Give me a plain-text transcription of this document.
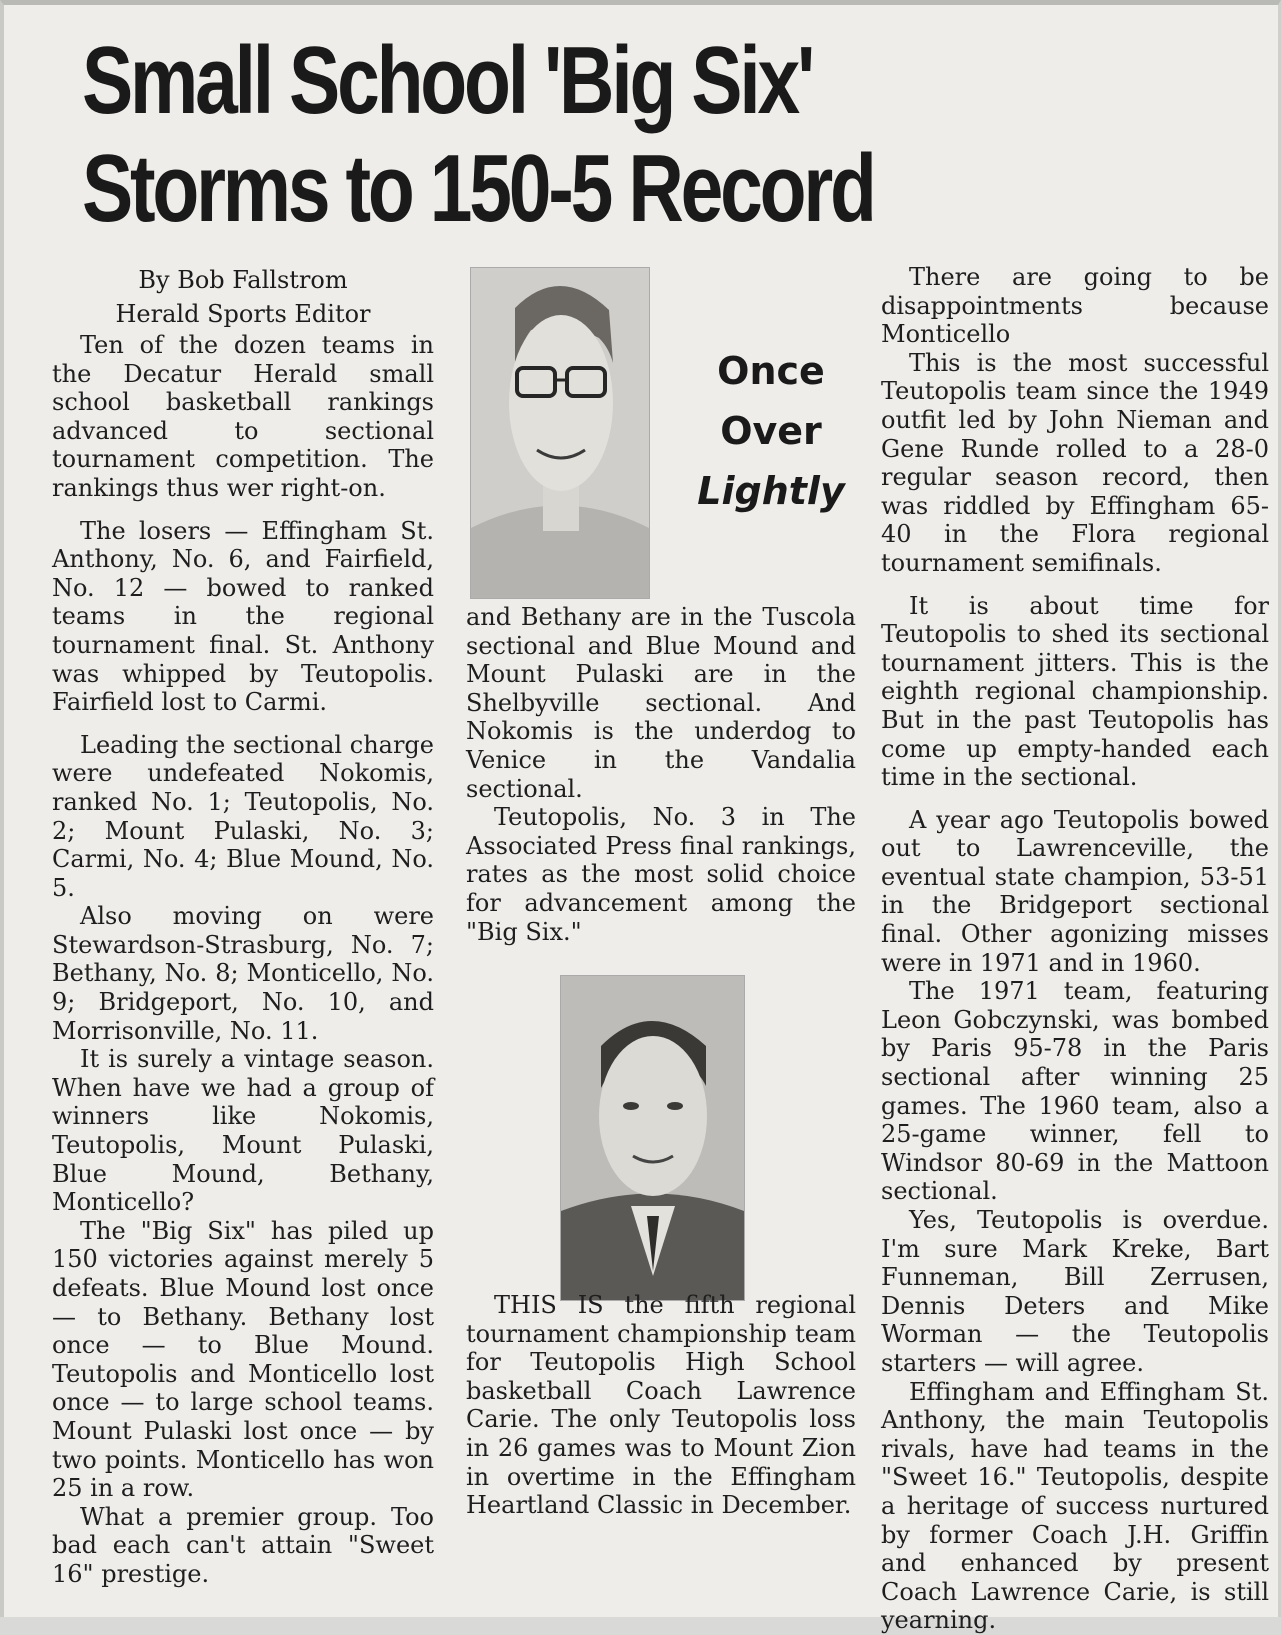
Small School 'Big Six'
Storms to 150-5 Record
By Bob Fallstrom
Herald Sports Editor

Ten of the dozen teams in the Decatur Herald small school basketball rankings advanced to sectional tournament competition. The rankings thus wer right-on.

The losers — Effingham St. Anthony, No. 6, and Fairfield, No. 12 — bowed to ranked teams in the regional tournament final. St. Anthony was whipped by Teutopolis. Fairfield lost to Carmi.

Leading the sectional charge were undefeated Nokomis, ranked No. 1; Teutopolis, No. 2; Mount Pulaski, No. 3; Carmi, No. 4; Blue Mound, No. 5.

Also moving on were Stewardson-Strasburg, No. 7; Bethany, No. 8; Monticello, No. 9; Bridgeport, No. 10, and Morrisonville, No. 11.

It is surely a vintage season. When have we had a group of winners like Nokomis, Teutopolis, Mount Pulaski, Blue Mound, Bethany, Monticello?

The "Big Six" has piled up 150 victories against merely 5 defeats. Blue Mound lost once — to Bethany. Bethany lost once — to Blue Mound. Teutopolis and Monticello lost once — to large school teams. Mount Pulaski lost once — by two points. Monticello has won 25 in a row.

What a premier group. Too bad each can't attain "Sweet 16" prestige.

Once
Over
Lightly

and Bethany are in the Tuscola sectional and Blue Mound and Mount Pulaski are in the Shelbyville sectional. And Nokomis is the underdog to Venice in the Vandalia sectional.

Teutopolis, No. 3 in The Associated Press final rankings, rates as the most solid choice for advancement among the "Big Six."

THIS IS the fifth regional tournament championship team for Teutopolis High School basketball Coach Lawrence Carie. The only Teutopolis loss in 26 games was to Mount Zion in overtime in the Effingham Heartland Classic in December.

There are going to be disappointments because Monticello

This is the most successful Teutopolis team since the 1949 outfit led by John Nieman and Gene Runde rolled to a 28-0 regular season record, then was riddled by Effingham 65-40 in the Flora regional tournament semifinals.

It is about time for Teutopolis to shed its sectional tournament jitters. This is the eighth regional championship. But in the past Teutopolis has come up empty-handed each time in the sectional.

A year ago Teutopolis bowed out to Lawrenceville, the eventual state champion, 53-51 in the Bridgeport sectional final. Other agonizing misses were in 1971 and in 1960.

The 1971 team, featuring Leon Gobczynski, was bombed by Paris 95-78 in the Paris sectional after winning 25 games. The 1960 team, also a 25-game winner, fell to Windsor 80-69 in the Mattoon sectional.

Yes, Teutopolis is overdue. I'm sure Mark Kreke, Bart Funneman, Bill Zerrusen, Dennis Deters and Mike Worman — the Teutopolis starters — will agree.

Effingham and Effingham St. Anthony, the main Teutopolis rivals, have had teams in the "Sweet 16." Teutopolis, despite a heritage of success nurtured by former Coach J.H. Griffin and enhanced by present Coach Lawrence Carie, is still yearning.
